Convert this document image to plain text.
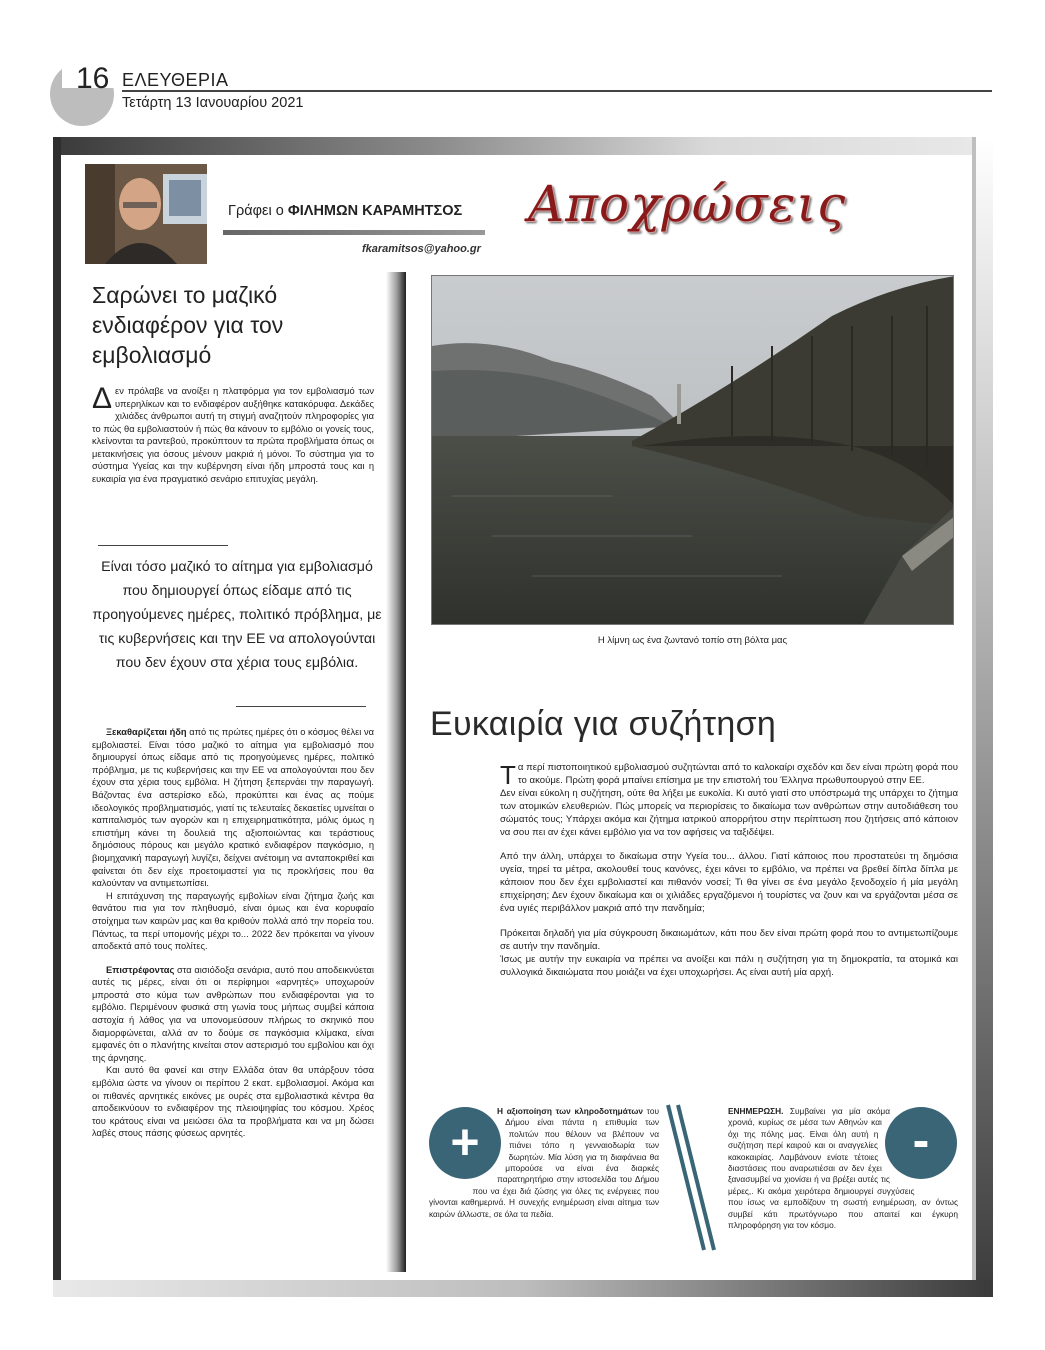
16 ΕΛΕΥΘΕΡΙΑ
Τετάρτη 13 Ιανουαρίου 2021
Γράφει ο ΦΙΛΗΜΩΝ ΚΑΡΑΜΗΤΣΟΣ
fkaramitsos@yahoo.gr
Αποχρώσεις
Σαρώνει το μαζικό ενδιαφέρον για τον εμβολιασμό
Δεν πρόλαβε να ανοίξει η πλατφόρμα για τον εμβολιασμό των υπερηλίκων και το ενδιαφέρον αυξήθηκε κατακόρυφα. Δεκάδες χιλιάδες άνθρωποι αυτή τη στιγμή αναζητούν πληροφορίες για το πώς θα εμβολιαστούν ή πώς θα κάνουν το εμβόλιο οι γονείς τους, κλείνονται τα ραντεβού, προκύπτουν τα πρώτα προβλήματα όπως οι μετακινήσεις για όσους μένουν μακριά ή μόνοι. Το σύστημα για το σύστημα Υγείας και την κυβέρνηση είναι ήδη μπροστά τους και η ευκαιρία για ένα πραγματικό σενάριο επιτυχίας μεγάλη.
Είναι τόσο μαζικό το αίτημα για εμβολιασμό που δημιουργεί όπως είδαμε από τις προηγούμενες ημέρες, πολιτικό πρόβλημα, με τις κυβερνήσεις και την ΕΕ να απολογούνται που δεν έχουν στα χέρια τους εμβόλια.

Ξεκαθαρίζεται ήδη από τις πρώτες ημέρες ότι ο κόσμος θέλει να εμβολιαστεί. Είναι τόσο μαζικό το αίτημα για εμβολιασμό που δημιουργεί όπως είδαμε από τις προηγούμενες ημέρες, πολιτικό πρόβλημα, με τις κυβερνήσεις και την ΕΕ να απολογούνται που δεν έχουν στα χέρια τους εμβόλια. Η ζήτηση ξεπερνάει την παραγωγή. Βάζοντας ένα αστερίσκο εδώ, προκύπτει και ένας ας πούμε ιδεολογικός προβληματισμός, γιατί τις τελευταίες δεκαετίες υμνείται ο καπιταλισμός των αγορών και η επιχειρηματικότητα, μόλις όμως η επιστήμη κάνει τη δουλειά της αξιοποιώντας και τεράστιους δημόσιους πόρους και μεγάλο κρατικό ενδιαφέρον παγκόσμιο, η βιομηχανική παραγωγή λυγίζει, δείχνει ανέτοιμη να ανταποκριθεί και φαίνεται ότι δεν είχε προετοιμαστεί για τις προκλήσεις που θα καλούνταν να αντιμετωπίσει.

Η επιτάχυνση της παραγωγής εμβολίων είναι ζήτημα ζωής και θανάτου πια για τον πληθυσμό, είναι όμως και ένα κορυφαίο στοίχημα των καιρών μας και θα κριθούν πολλά από την πορεία του. Πάντως, τα περί υπομονής μέχρι το... 2022 δεν πρόκειται να γίνουν αποδεκτά από τους πολίτες.

Επιστρέφοντας στα αισιόδοξα σενάρια, αυτό που αποδεικνύεται αυτές τις μέρες, είναι ότι οι περίφημοι «αρνητές» υποχωρούν μπροστά στο κύμα των ανθρώπων που ενδιαφέρονται για το εμβόλιο. Περιμένουν φυσικά στη γωνία τους μήπως συμβεί κάποια αστοχία ή λάθος για να υπονομεύσουν πλήρως το σκηνικό που διαμορφώνεται, αλλά αν το δούμε σε παγκόσμια κλίμακα, είναι εμφανές ότι ο πλανήτης κινείται στον αστερισμό του εμβολίου και όχι της άρνησης.

Και αυτό θα φανεί και στην Ελλάδα όταν θα υπάρξουν τόσα εμβόλια ώστε να γίνουν οι περίπου 2 εκατ. εμβολιασμοί. Ακόμα και οι πιθανές αρνητικές εικόνες με ουρές στα εμβολιαστικά κέντρα θα αποδεικνύουν το ενδιαφέρον της πλειοψηφίας του κόσμου. Χρέος του κράτους είναι να μειώσει όλα τα προβλήματα και να μη δώσει λαβές στους πάσης φύσεως αρνητές.

Η λίμνη ως ένα ζωντανό τοπίο στη βόλτα μας
Ευκαιρία για συζήτηση

Τα περί πιστοποιητικού εμβολιασμού συζητώνται από το καλοκαίρι σχεδόν και δεν είναι πρώτη φορά που το ακούμε. Πρώτη φορά μπαίνει επίσημα με την επιστολή του Έλληνα πρωθυπουργού στην ΕΕ.

Δεν είναι εύκολη η συζήτηση, ούτε θα λήξει με ευκολία. Κι αυτό γιατί στο υπόστρωμά της υπάρχει το ζήτημα των ατομικών ελευθεριών. Πώς μπορείς να περιορίσεις το δικαίωμα των ανθρώπων στην αυτοδιάθεση του σώματός τους; Υπάρχει ακόμα και ζήτημα ιατρικού απορρήτου στην περίπτωση που ζητήσεις από κάποιον να σου πει αν έχει κάνει εμβόλιο για να τον αφήσεις να ταξιδέψει.

Από την άλλη, υπάρχει το δικαίωμα στην Υγεία του... άλλου. Γιατί κάποιος που προστατεύει τη δημόσια υγεία, τηρεί τα μέτρα, ακολουθεί τους κανόνες, έχει κάνει το εμβόλιο, να πρέπει να βρεθεί δίπλα δίπλα με κάποιον που δεν έχει εμβολιαστεί και πιθανόν νοσεί; Τι θα γίνει σε ένα μεγάλο ξενοδοχείο ή μία μεγάλη επιχείρηση; Δεν έχουν δικαίωμα και οι χιλιάδες εργαζόμενοι ή τουρίστες να ζουν και να εργάζονται μέσα σε ένα υγιές περιβάλλον μακριά από την πανδημία;

Πρόκειται δηλαδή για μία σύγκρουση δικαιωμάτων, κάτι που δεν είναι πρώτη φορά που το αντιμετωπίζουμε σε αυτήν την πανδημία.

Ίσως με αυτήν την ευκαιρία να πρέπει να ανοίξει και πάλι η συζήτηση για τη δημοκρατία, τα ατομικά και συλλογικά δικαιώματα που μοιάζει να έχει υποχωρήσει. Ας είναι αυτή μία αρχή.

Η αξιοποίηση των κληροδοτημάτων του Δήμου είναι πάντα η επιθυμία των πολιτών που θέλουν να βλέπουν να πιάνει τόπο η γενναιοδωρία των δωρητών. Μία λύση για τη διαφάνεια θα μπορούσε να είναι ένα διαρκές παρατηρητήριο στην ιστοσελίδα του Δήμου που να έχει διά ζώσης για όλες τις ενέργειες που γίνονται καθημερινά. Η συνεχής ενημέρωση είναι αίτημα των καιρών άλλωστε, σε όλα τα πεδία.
+
ΕΝΗΜΕΡΩΣΗ. Συμβαίνει για μία ακόμα χρονιά, κυρίως σε μέσα των Αθηνών και όχι της πόλης μας. Είναι όλη αυτή η συζήτηση περί καιρού και οι αναγγελίες κακοκαιρίας. Λαμβάνουν ενίοτε τέτοιες διαστάσεις που αναρωτιέσαι αν δεν έχει ξανασυμβεί να χιονίσει ή να βρέξει αυτές τις μέρες,. Κι ακόμα χειρότερα δημιουργεί συγχύσεις που ίσως να εμποδίζουν τη σωστή ενημέρωση, αν όντως συμβεί κάτι πρωτόγνωρο που απαιτεί και έγκυρη πληροφόρηση για τον κόσμο.
-
